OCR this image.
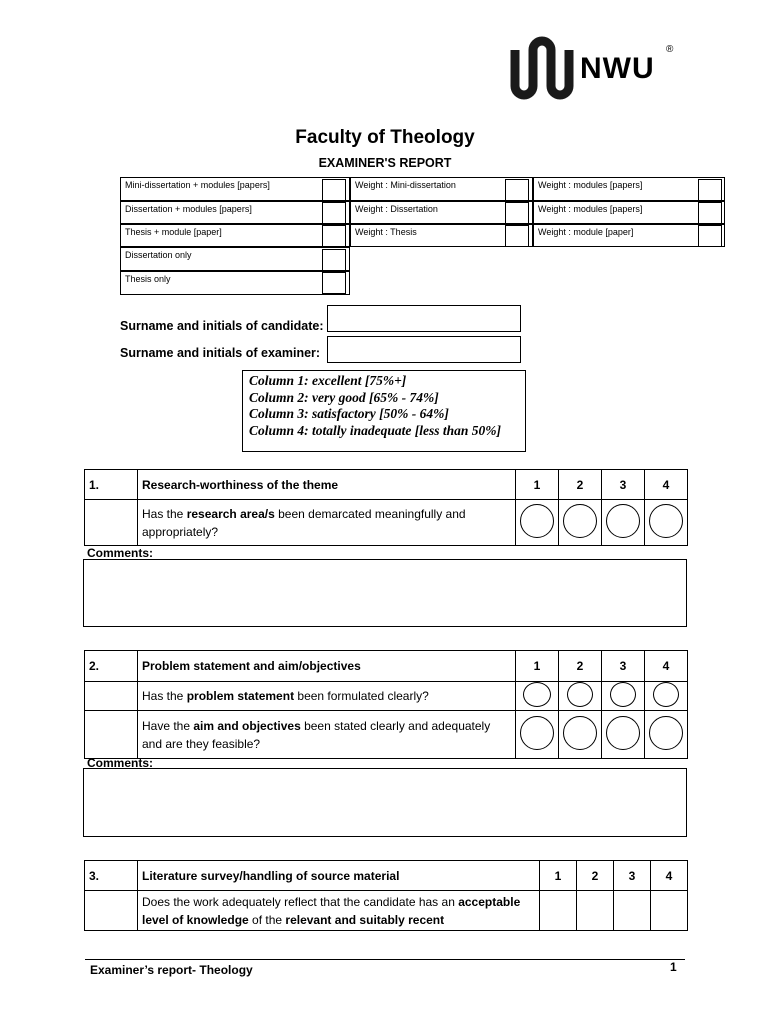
NWU
®
Faculty of Theology
EXAMINER'S REPORT
Mini-dissertation + modules [papers]	Weight : Mini-dissertation	Weight : modules [papers]
Dissertation + modules [papers]	Weight : Dissertation	Weight : modules [papers]
Thesis + module [paper]	Weight : Thesis	Weight : module [paper]
Dissertation only
Thesis only
Surname and initials of candidate:
Surname and initials of examiner:
Column 1: excellent [75%+]
Column 2: very good [65% - 74%]
Column 3: satisfactory [50% - 64%]
Column 4: totally inadequate [less than 50%]
1.	Research-worthiness of the theme	1	2	3	4
	Has the research area/s been demarcated meaningfully and appropriately?				
Comments:
2.	Problem statement and aim/objectives	1	2	3	4
	Has the problem statement been formulated clearly?				
	Have the aim and objectives been stated clearly and adequately and are they feasible?				
Comments:
3.	Literature survey/handling of source material	1	2	3	4
	Does the work adequately reflect that the candidate has an acceptable level of knowledge of the relevant and suitably recent				
Examiner’s report- Theology	1
